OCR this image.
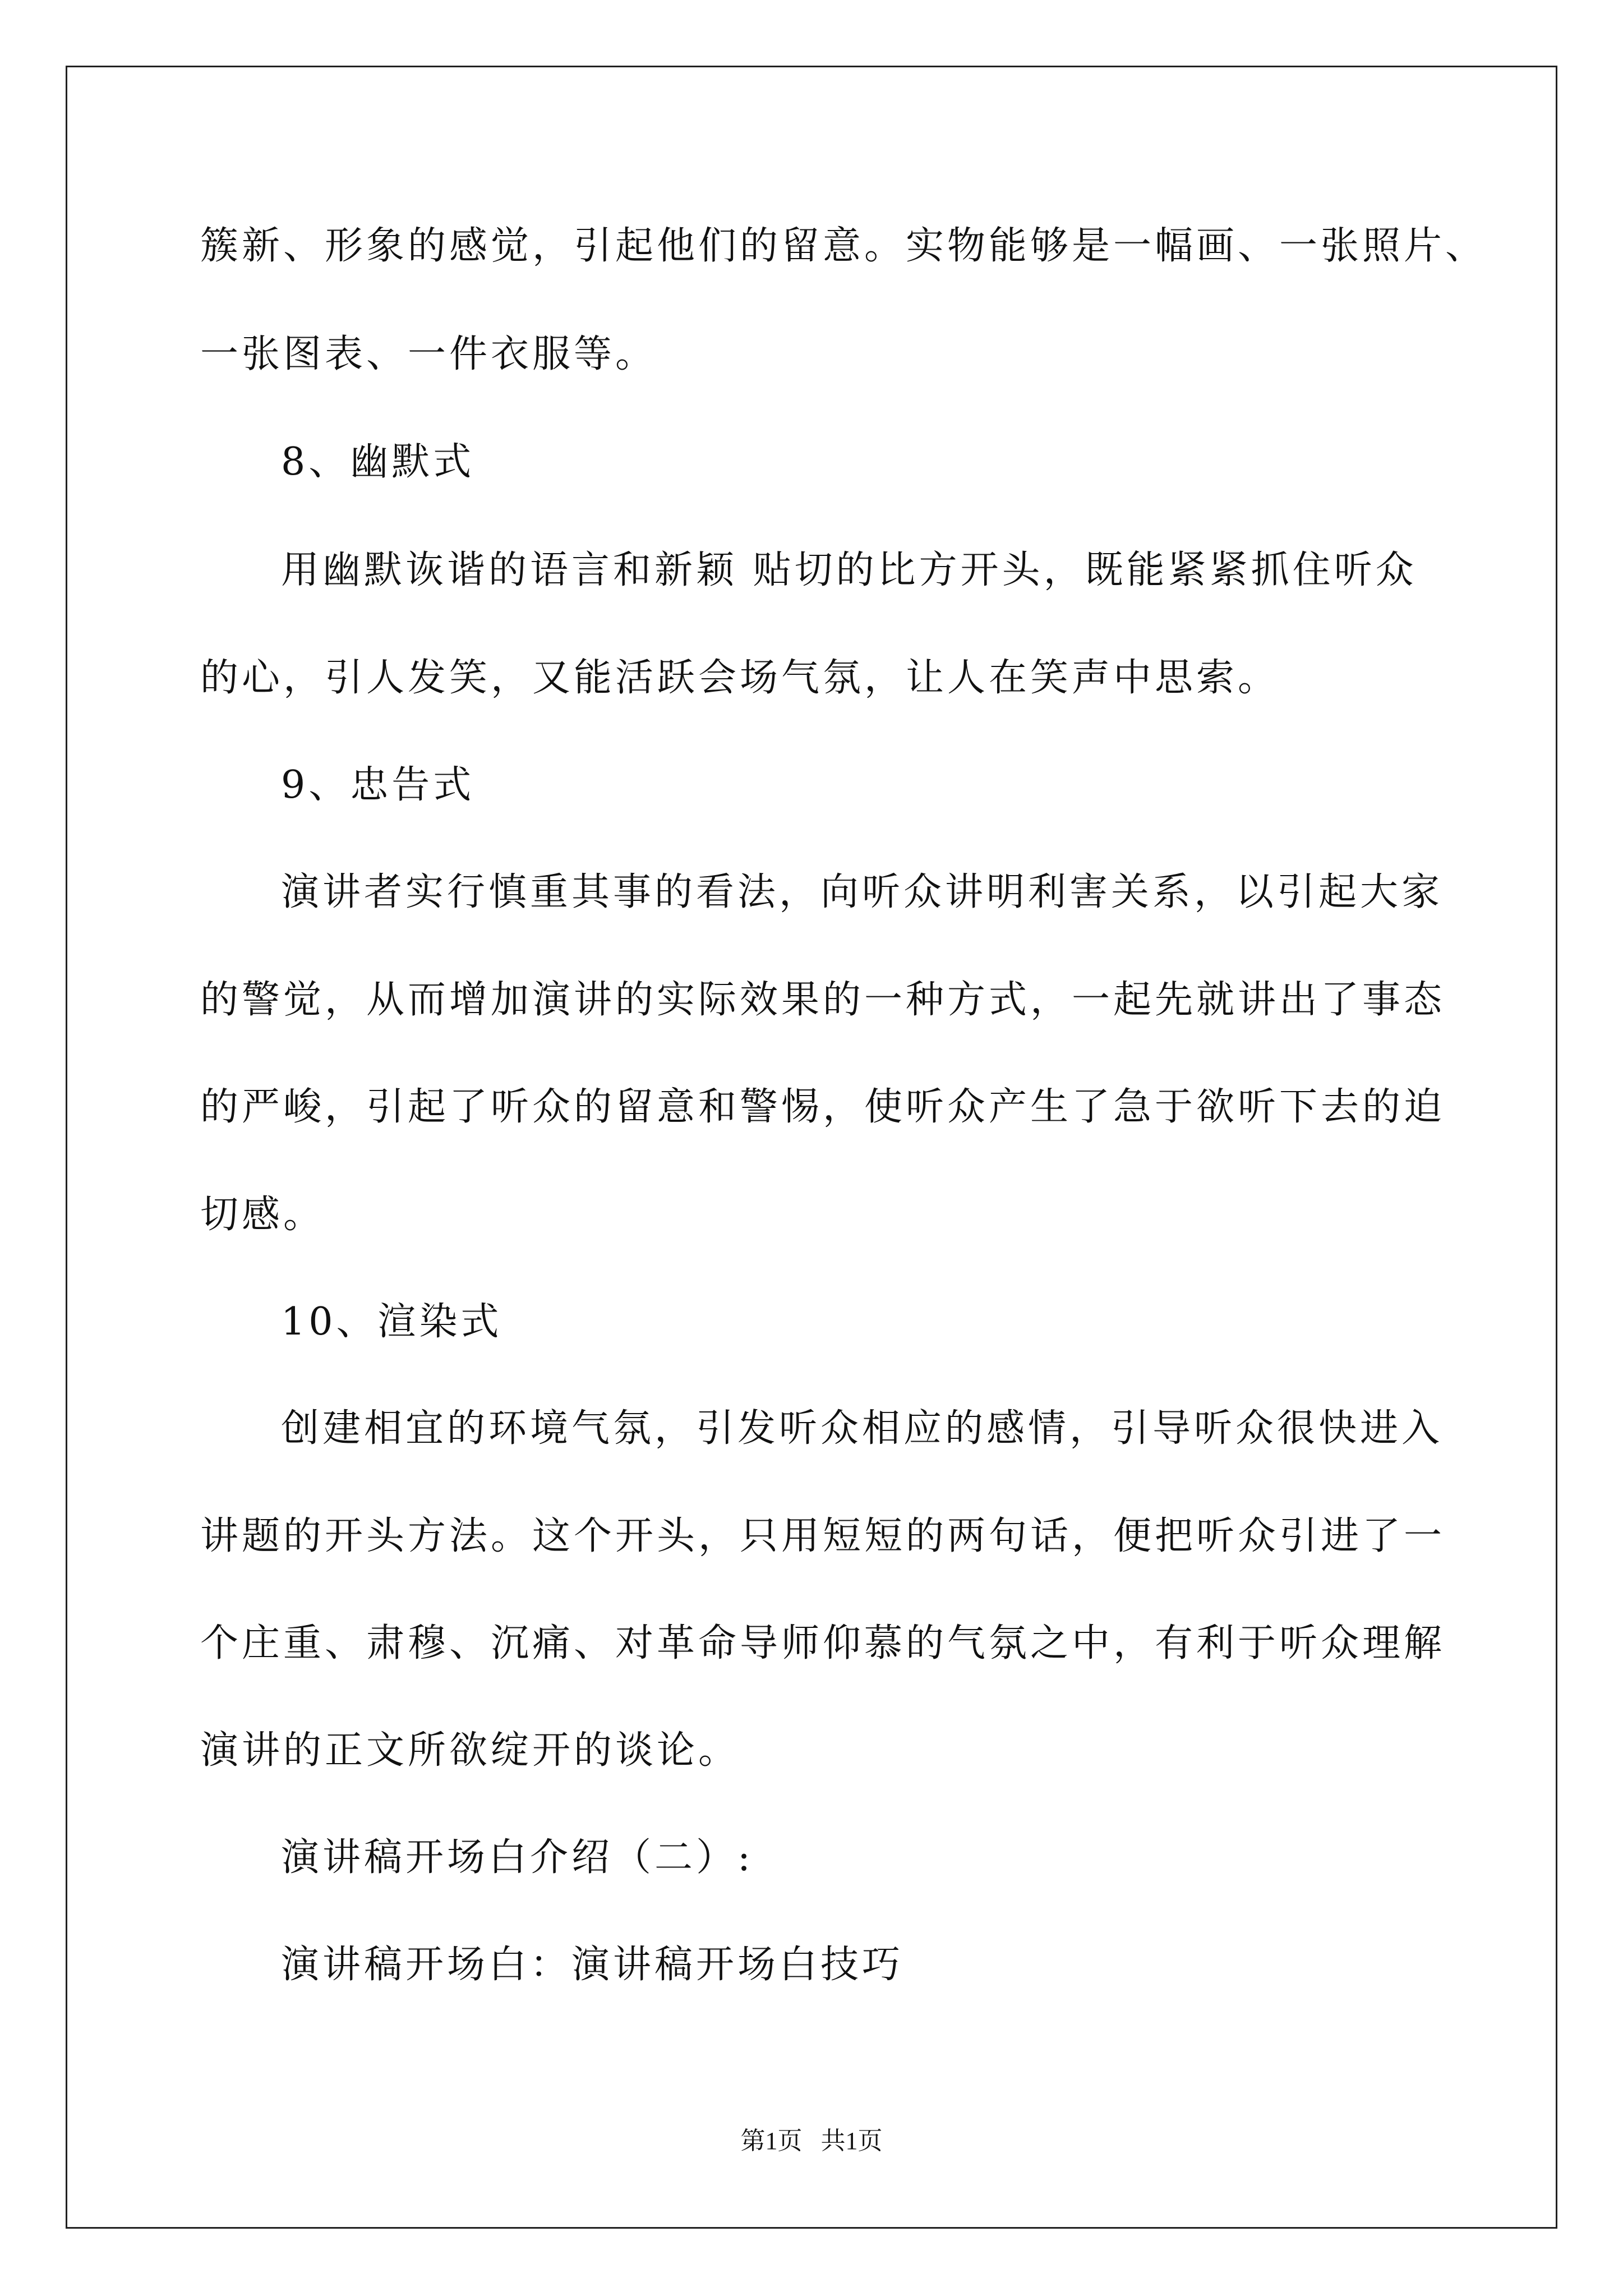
簇新、形象的感觉，引起他们的留意。实物能够是一幅画、一张照片、
一张图表、一件衣服等。
8、幽默式
用幽默诙谐的语言和新颖 贴切的比方开头，既能紧紧抓住听众
的心，引人发笑，又能活跃会场气氛，让人在笑声中思索。
9、忠告式
演讲者实行慎重其事的看法，向听众讲明利害关系，以引起大家
的警觉，从而增加演讲的实际效果的一种方式，一起先就讲出了事态
的严峻，引起了听众的留意和警惕，使听众产生了急于欲听下去的迫
切感。
10、渲染式
创建相宜的环境气氛，引发听众相应的感情，引导听众很快进入
讲题的开头方法。这个开头，只用短短的两句话，便把听众引进了一
个庄重、肃穆、沉痛、对革命导师仰慕的气氛之中，有利于听众理解
演讲的正文所欲绽开的谈论。
演讲稿开场白介绍（二）:
演讲稿开场白：演讲稿开场白技巧
第1页   共1页
